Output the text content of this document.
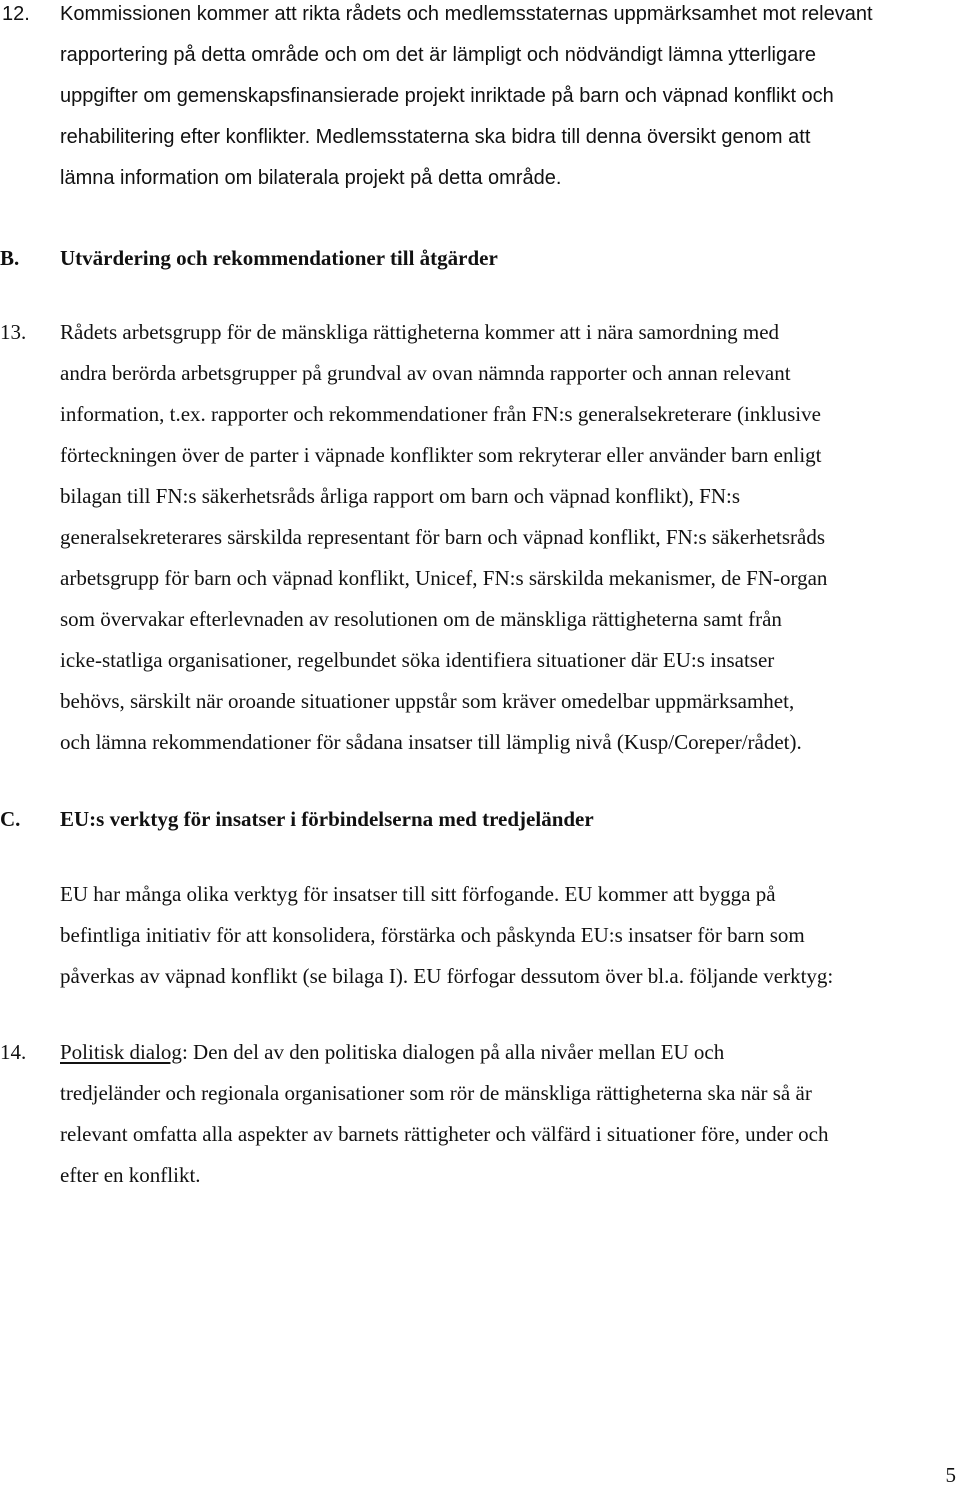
12. Kommissionen kommer att rikta rådets och medlemsstaternas uppmärksamhet mot relevant
rapportering på detta område och om det är lämpligt och nödvändigt lämna ytterligare
uppgifter om gemenskapsfinansierade projekt inriktade på barn och väpnad konflikt och
rehabilitering efter konflikter. Medlemsstaterna ska bidra till denna översikt genom att
lämna information om bilaterala projekt på detta område.
B. Utvärdering och rekommendationer till åtgärder
13. Rådets arbetsgrupp för de mänskliga rättigheterna kommer att i nära samordning med
andra berörda arbetsgrupper på grundval av ovan nämnda rapporter och annan relevant
information, t.ex. rapporter och rekommendationer från FN:s generalsekreterare (inklusive
förteckningen över de parter i väpnade konflikter som rekryterar eller använder barn enligt
bilagan till FN:s säkerhetsråds årliga rapport om barn och väpnad konflikt), FN:s
generalsekreterares särskilda representant för barn och väpnad konflikt, FN:s säkerhetsråds
arbetsgrupp för barn och väpnad konflikt, Unicef, FN:s särskilda mekanismer, de FN-organ
som övervakar efterlevnaden av resolutionen om de mänskliga rättigheterna samt från
icke-statliga organisationer, regelbundet söka identifiera situationer där EU:s insatser
behövs, särskilt när oroande situationer uppstår som kräver omedelbar uppmärksamhet,
och lämna rekommendationer för sådana insatser till lämplig nivå (Kusp/Coreper/rådet).
C. EU:s verktyg för insatser i förbindelserna med tredjeländer
EU har många olika verktyg för insatser till sitt förfogande. EU kommer att bygga på
befintliga initiativ för att konsolidera, förstärka och påskynda EU:s insatser för barn som
påverkas av väpnad konflikt (se bilaga I). EU förfogar dessutom över bl.a. följande verktyg:
14. Politisk dialog: Den del av den politiska dialogen på alla nivåer mellan EU och
tredjeländer och regionala organisationer som rör de mänskliga rättigheterna ska när så är
relevant omfatta alla aspekter av barnets rättigheter och välfärd i situationer före, under och
efter en konflikt.
5
